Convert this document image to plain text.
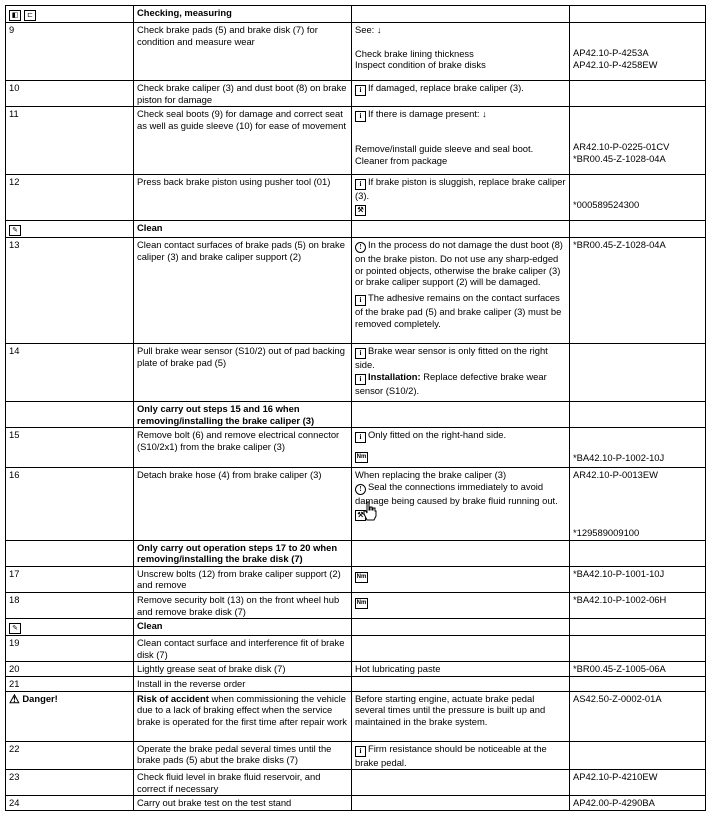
◧ ⊏	Checking, measuring		
9	Check brake pads (5) and brake disk (7) for condition and measure wear	See: ↓
Check brake lining thickness
Inspect condition of brake disks	AP42.10-P-4253A
AP42.10-P-4258EW
10	Check brake caliper (3) and dust boot (8) on brake piston for damage	i If damaged, replace brake caliper (3).	
11	Check seal boots (9) for damage and correct seat as well as guide sleeve (10) for ease of movement	i If there is damage present: ↓
Remove/install guide sleeve and seal boot.
Cleaner from package	AR42.10-P-0225-01CV
*BR00.45-Z-1028-04A
12	Press back brake piston using pusher tool (01)	i If brake piston is sluggish, replace brake caliper (3).
⚒	*000589524300
✎	Clean		
13	Clean contact surfaces of brake pads (5) on brake caliper (3) and brake caliper support (2)	! In the process do not damage the dust boot (8) on the brake piston. Do not use any sharp-edged or pointed objects, otherwise the brake caliper (3) or brake caliper support (2) will be damaged.
i The adhesive remains on the contact surfaces of the brake pad (5) and brake caliper (3) must be removed completely.	*BR00.45-Z-1028-04A
14	Pull brake wear sensor (S10/2) out of pad backing plate of brake pad (5)	i Brake wear sensor is only fitted on the right side.
i Installation: Replace defective brake wear sensor (S10/2).	
	Only carry out steps 15 and 16 when removing/installing the brake caliper (3)		
15	Remove bolt (6) and remove electrical connector (S10/2x1) from the brake caliper (3)	i Only fitted on the right-hand side.
Nm	*BA42.10-P-1002-10J
16	Detach brake hose (4) from brake caliper (3)	When replacing the brake caliper (3)
! Seal the connections immediately to avoid damage being caused by brake fluid running out.
⚒	AR42.10-P-0013EW
*129589009100
	Only carry out operation steps 17 to 20 when removing/installing the brake disk (7)		
17	Unscrew bolts (12) from brake caliper support (2) and remove	Nm	*BA42.10-P-1001-10J
18	Remove security bolt (13) on the front wheel hub and remove brake disk (7)	Nm	*BA42.10-P-1002-06H
✎	Clean		
19	Clean contact surface and interference fit of brake disk (7)		
20	Lightly grease seat of brake disk (7)	Hot lubricating paste	*BR00.45-Z-1005-06A
21	Install in the reverse order		
⚠ Danger!	Risk of accident when commissioning the vehicle due to a lack of braking effect when the service brake is operated for the first time after repair work	Before starting engine, actuate brake pedal several times until the pressure is built up and maintained in the brake system.	AS42.50-Z-0002-01A
22	Operate the brake pedal several times until the brake pads (5) abut the brake disks (7)	i Firm resistance should be noticeable at the brake pedal.	
23	Check fluid level in brake fluid reservoir, and correct if necessary		AP42.10-P-4210EW
24	Carry out brake test on the test stand		AP42.00-P-4290BA
